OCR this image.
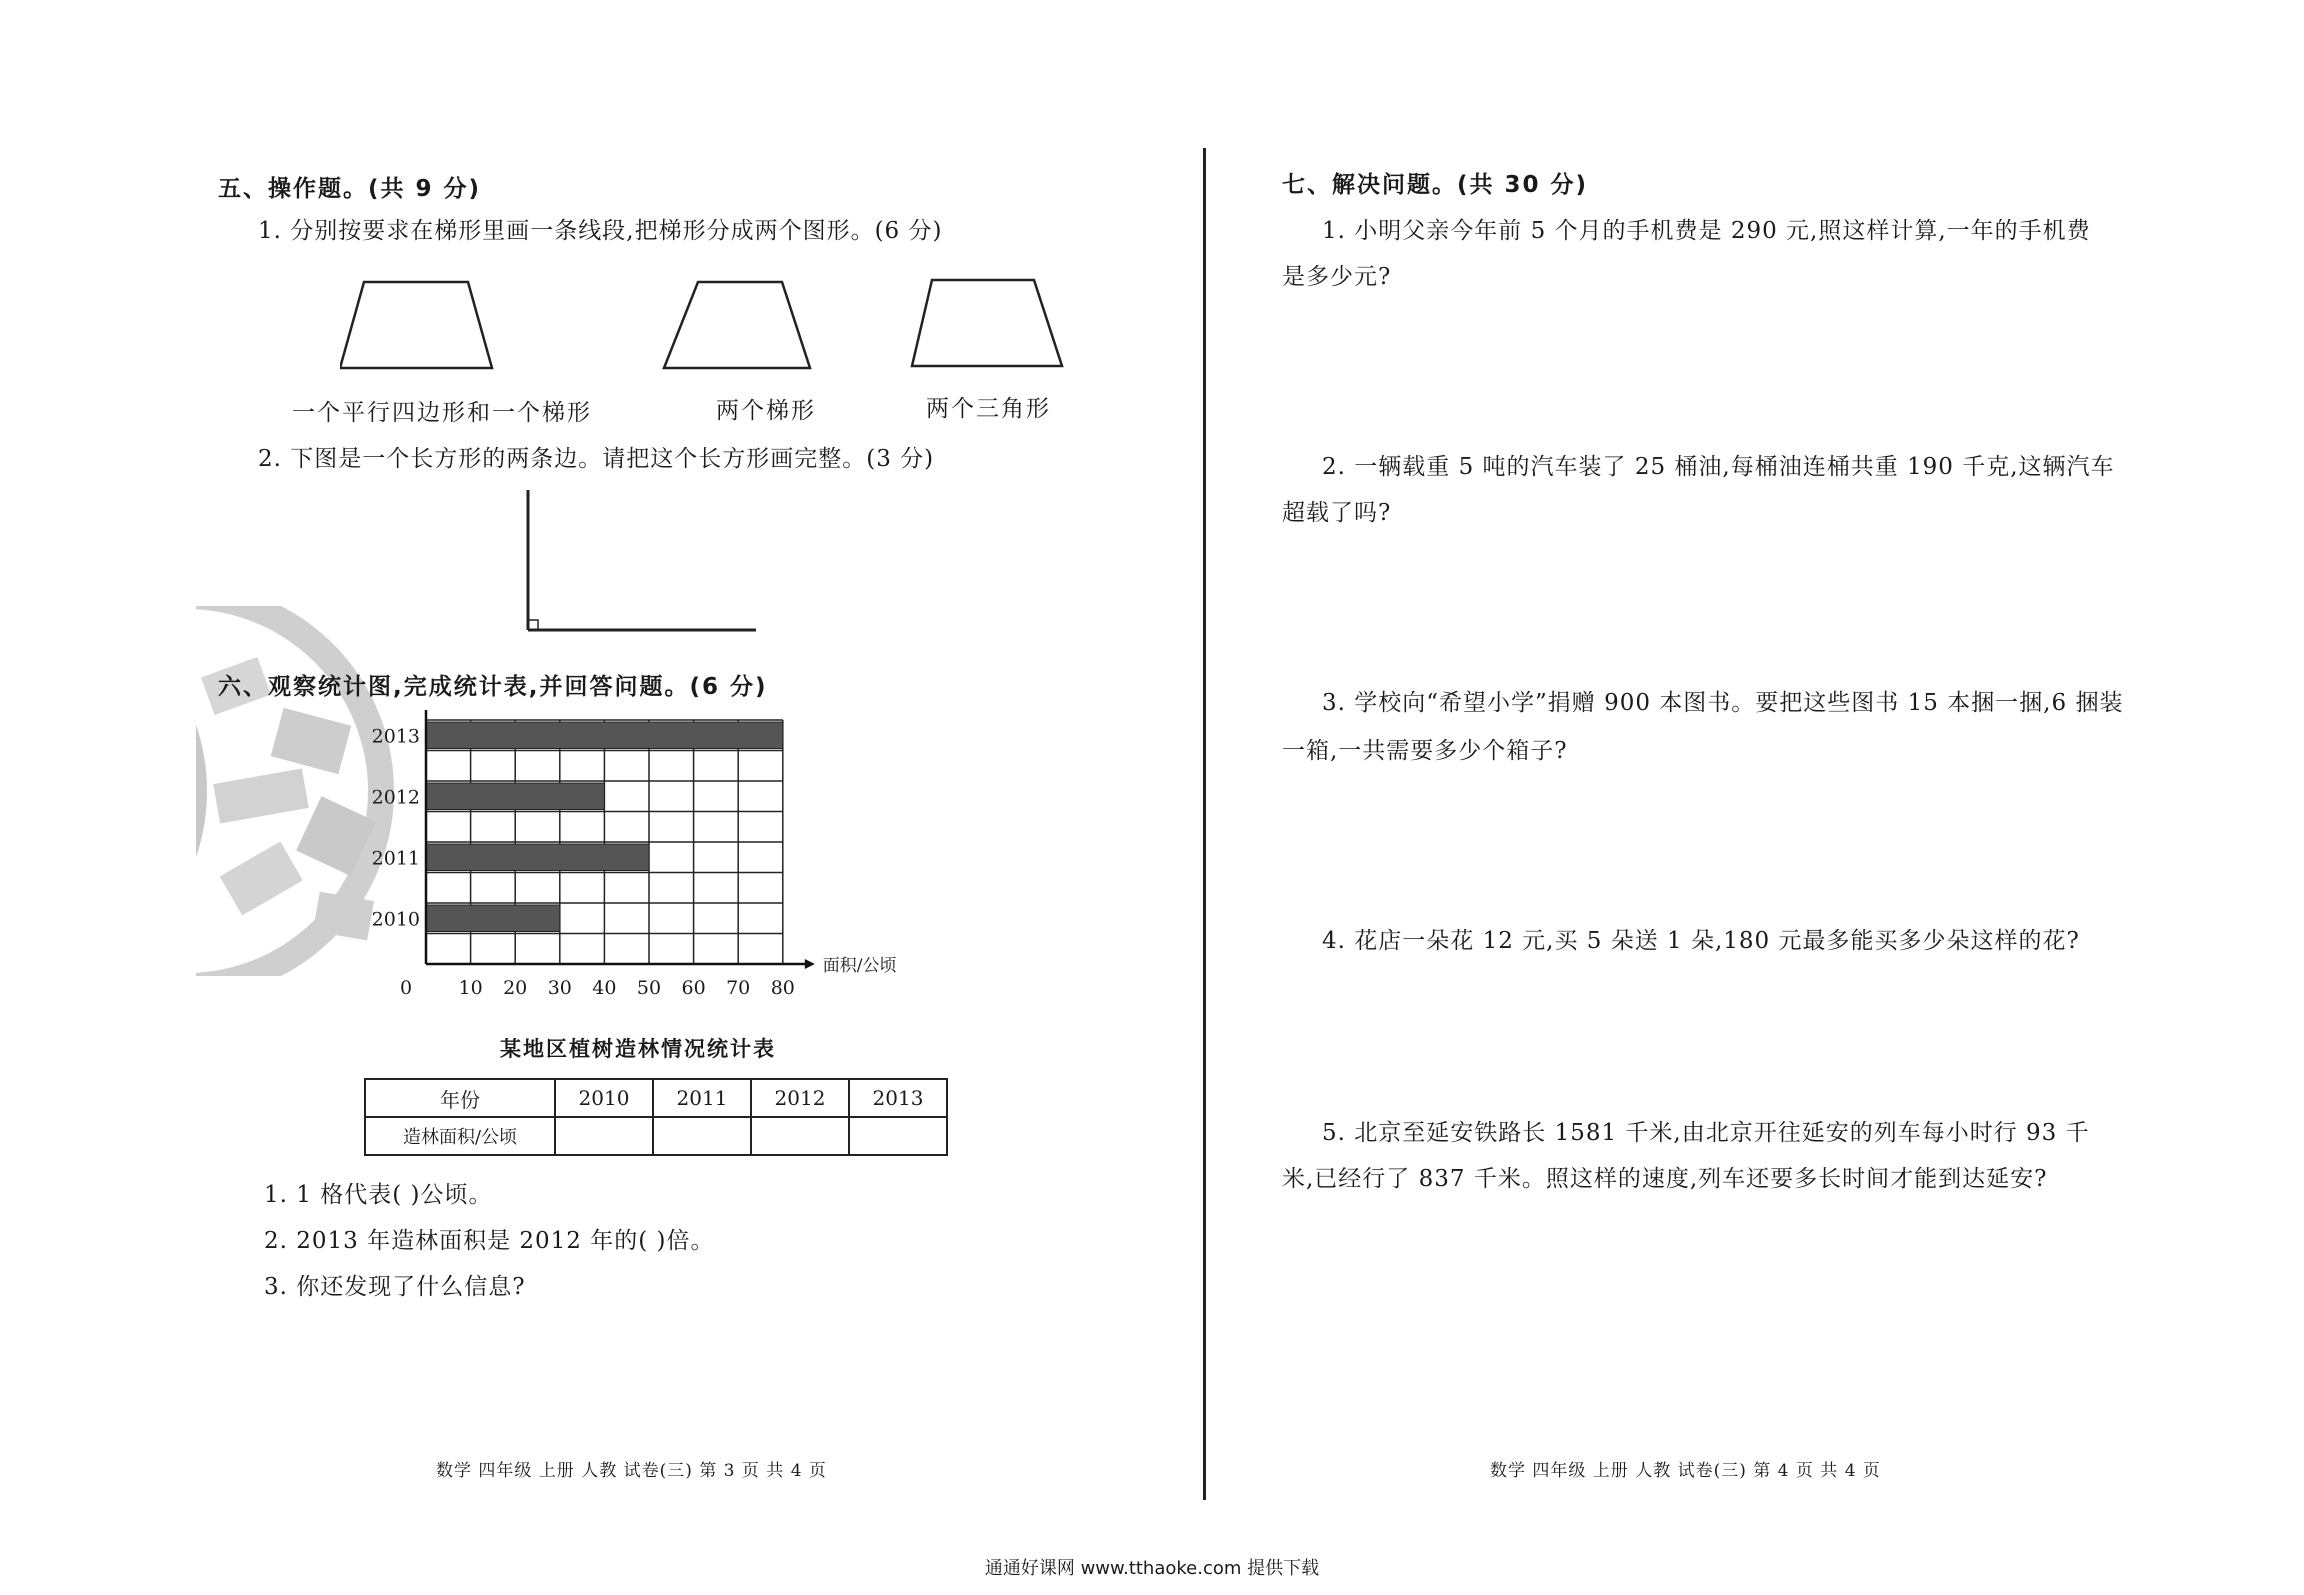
五、操作题。(共 9 分)
1. 分别按要求在梯形里画一条线段,把梯形分成两个图形。(6 分)
一个平行四边形和一个梯形	两个梯形	两个三角形
2. 下图是一个长方形的两条边。请把这个长方形画完整。(3 分)
六、观察统计图,完成统计表,并回答问题。(6 分)
2010
2011
2012
2013
0 10 20 30 40 50 60 70 80
面积/公顷
某地区植树造林情况统计表
年份	2010	2011	2012	2013
造林面积/公顷				
1. 1 格代表( )公顷。
2. 2013 年造林面积是 2012 年的( )倍。
3. 你还发现了什么信息?
数学 四年级 上册 人教 试卷(三) 第 3 页 共 4 页
七、解决问题。(共 30 分)
1. 小明父亲今年前 5 个月的手机费是 290 元,照这样计算,一年的手机费
是多少元?
2. 一辆载重 5 吨的汽车装了 25 桶油,每桶油连桶共重 190 千克,这辆汽车
超载了吗?
3. 学校向“希望小学”捐赠 900 本图书。要把这些图书 15 本捆一捆,6 捆装
一箱,一共需要多少个箱子?
4. 花店一朵花 12 元,买 5 朵送 1 朵,180 元最多能买多少朵这样的花?
5. 北京至延安铁路长 1581 千米,由北京开往延安的列车每小时行 93 千
米,已经行了 837 千米。照这样的速度,列车还要多长时间才能到达延安?
数学 四年级 上册 人教 试卷(三) 第 4 页 共 4 页
通通好课网 www.tthaoke.com 提供下载
